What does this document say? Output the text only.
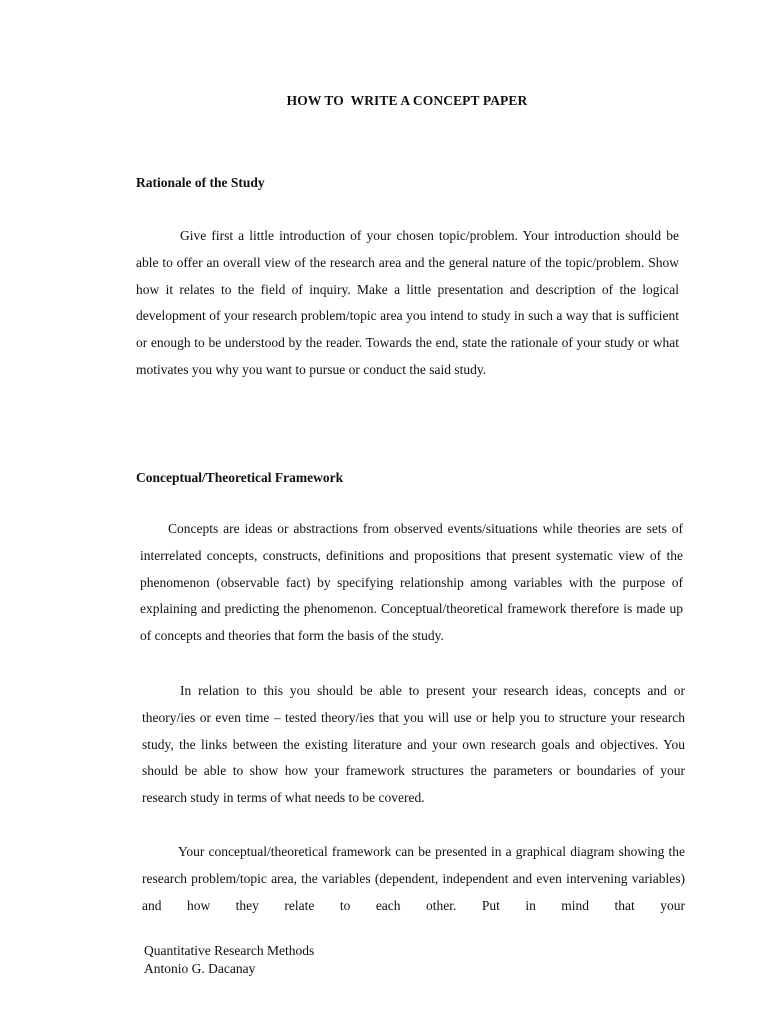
HOW TO  WRITE A CONCEPT PAPER
Rationale of the Study
Give first a little introduction of your chosen topic/problem. Your introduction should be able to offer an overall view of the research area and the general nature of the topic/problem. Show how it relates to the field of inquiry. Make a little presentation and description of the logical development of your research problem/topic area you intend to study in such a way that is sufficient or enough to be understood by the reader. Towards the end, state the rationale of your study or what motivates you why you want to pursue or conduct the said study.
Conceptual/Theoretical Framework
Concepts are ideas or abstractions from observed events/situations while theories are sets of interrelated concepts, constructs, definitions and propositions that present systematic view of the phenomenon (observable fact) by specifying relationship among variables with the purpose of explaining and predicting the phenomenon. Conceptual/theoretical framework therefore is made up of concepts and theories that form the basis of the study.
In relation to this you should be able to present your research ideas, concepts and or theory/ies or even time – tested theory/ies that you will use or help you to structure your research study, the links between the existing literature and your own research goals and objectives. You should be able to show how your framework structures the parameters or boundaries of your research study in terms of what needs to be covered.
Your conceptual/theoretical framework can be presented in a graphical diagram showing the research problem/topic area, the variables (dependent, independent and even intervening variables) and how they relate to each other. Put in mind that your
Quantitative Research Methods
Antonio G. Dacanay
